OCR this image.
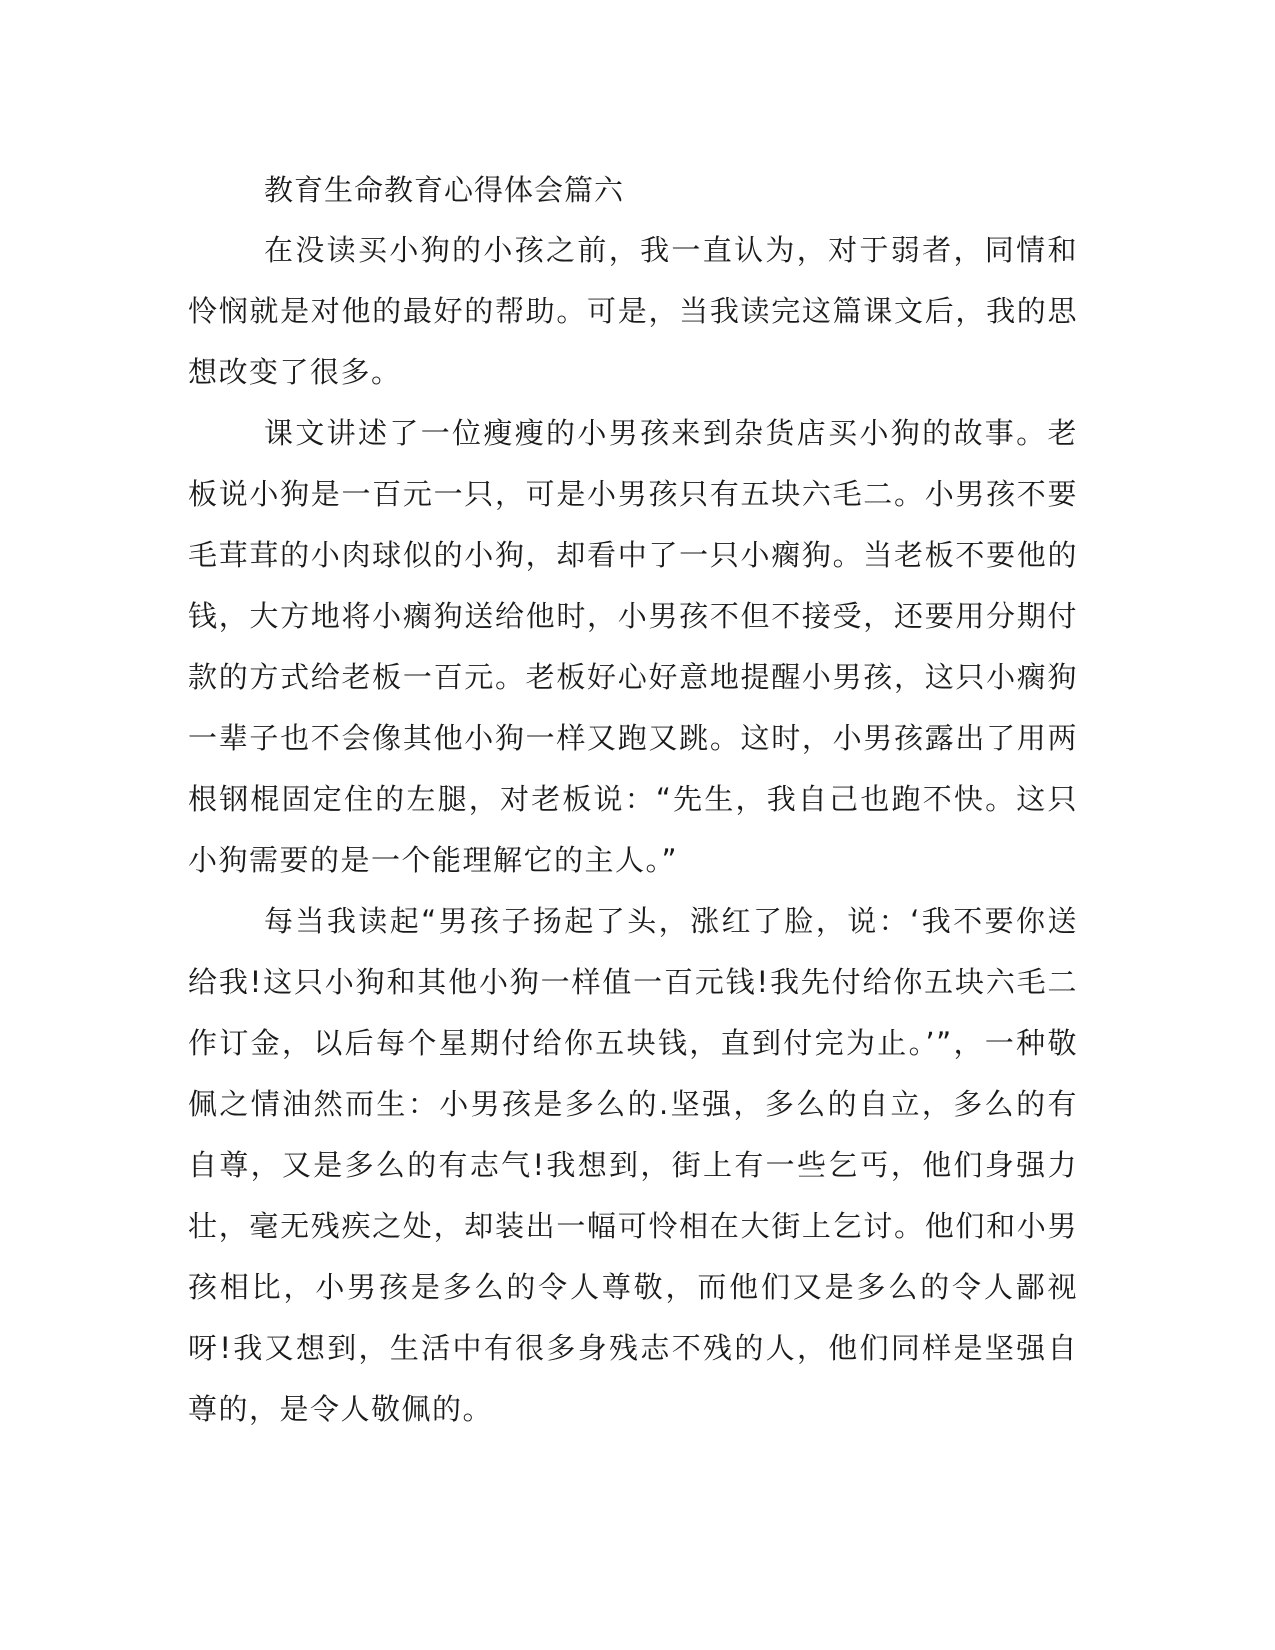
教育生命教育心得体会篇六

在没读买小狗的小孩之前，我一直认为，对于弱者，同情和怜悯就是对他的最好的帮助。可是，当我读完这篇课文后，我的思想改变了很多。

课文讲述了一位瘦瘦的小男孩来到杂货店买小狗的故事。老板说小狗是一百元一只，可是小男孩只有五块六毛二。小男孩不要毛茸茸的小肉球似的小狗，却看中了一只小瘸狗。当老板不要他的钱，大方地将小瘸狗送给他时，小男孩不但不接受，还要用分期付款的方式给老板一百元。老板好心好意地提醒小男孩，这只小瘸狗一辈子也不会像其他小狗一样又跑又跳。这时，小男孩露出了用两根钢棍固定住的左腿，对老板说：“先生，我自己也跑不快。这只小狗需要的是一个能理解它的主人。”

每当我读起“男孩子扬起了头，涨红了脸，说：‘我不要你送给我!这只小狗和其他小狗一样值一百元钱!我先付给你五块六毛二作订金，以后每个星期付给你五块钱，直到付完为止。’”，一种敬佩之情油然而生：小男孩是多么的.坚强，多么的自立，多么的有自尊，又是多么的有志气!我想到，街上有一些乞丐，他们身强力壮，毫无残疾之处，却装出一幅可怜相在大街上乞讨。他们和小男孩相比，小男孩是多么的令人尊敬，而他们又是多么的令人鄙视呀!我又想到，生活中有很多身残志不残的人，他们同样是坚强自尊的，是令人敬佩的。
